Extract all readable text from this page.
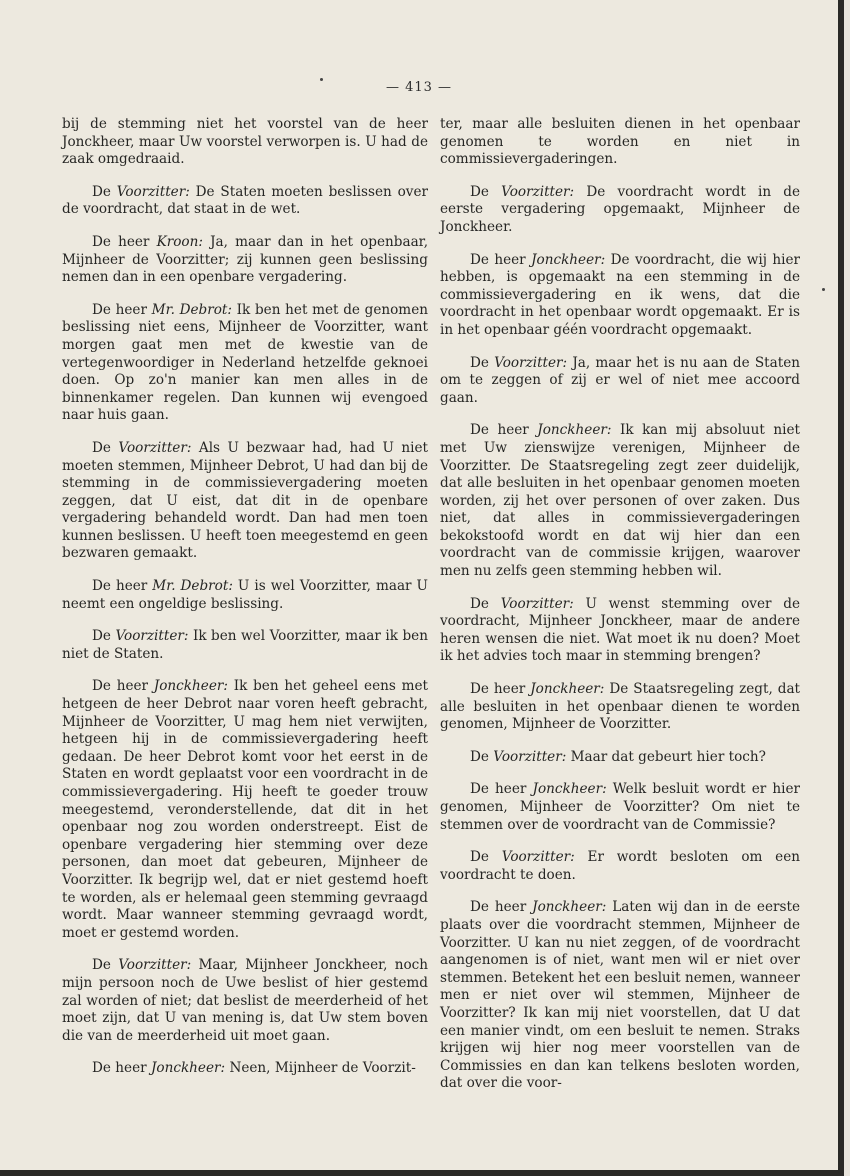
— 413 —

bij de stemming niet het voorstel van de heer Jonckheer, maar Uw voorstel verworpen is. U had de zaak omgedraaid.

De Voorzitter: De Staten moeten beslissen over de voordracht, dat staat in de wet.

De heer Kroon: Ja, maar dan in het openbaar, Mijnheer de Voorzitter; zij kunnen geen beslissing nemen dan in een openbare vergadering.

De heer Mr. Debrot: Ik ben het met de genomen beslissing niet eens, Mijnheer de Voorzitter, want morgen gaat men met de kwestie van de vertegenwoordiger in Nederland hetzelfde geknoei doen. Op zo'n manier kan men alles in de binnenkamer regelen. Dan kunnen wij evengoed naar huis gaan.

De Voorzitter: Als U bezwaar had, had U niet moeten stemmen, Mijnheer Debrot, U had dan bij de stemming in de commissievergadering moeten zeggen, dat U eist, dat dit in de openbare vergadering behandeld wordt. Dan had men toen kunnen beslissen. U heeft toen meegestemd en geen bezwaren gemaakt.

De heer Mr. Debrot: U is wel Voorzitter, maar U neemt een ongeldige beslissing.

De Voorzitter: Ik ben wel Voorzitter, maar ik ben niet de Staten.

De heer Jonckheer: Ik ben het geheel eens met hetgeen de heer Debrot naar voren heeft gebracht, Mijnheer de Voorzitter, U mag hem niet verwijten, hetgeen hij in de commissievergadering heeft gedaan. De heer Debrot komt voor het eerst in de Staten en wordt geplaatst voor een voordracht in de commissievergadering. Hij heeft te goeder trouw meegestemd, veronderstellende, dat dit in het openbaar nog zou worden onderstreept. Eist de openbare vergadering hier stemming over deze personen, dan moet dat gebeuren, Mijnheer de Voorzitter. Ik begrijp wel, dat er niet gestemd hoeft te worden, als er helemaal geen stemming gevraagd wordt. Maar wanneer stemming gevraagd wordt, moet er gestemd worden.

De Voorzitter: Maar, Mijnheer Jonckheer, noch mijn persoon noch de Uwe beslist of hier gestemd zal worden of niet; dat beslist de meerderheid of het moet zijn, dat U van mening is, dat Uw stem boven die van de meerderheid uit moet gaan.

De heer Jonckheer: Neen, Mijnheer de Voorzit-

ter, maar alle besluiten dienen in het openbaar genomen te worden en niet in commissievergaderingen.

De Voorzitter: De voordracht wordt in de eerste vergadering opgemaakt, Mijnheer de Jonckheer.

De heer Jonckheer: De voordracht, die wij hier hebben, is opgemaakt na een stemming in de commissievergadering en ik wens, dat die voordracht in het openbaar wordt opgemaakt. Er is in het openbaar géén voordracht opgemaakt.

De Voorzitter: Ja, maar het is nu aan de Staten om te zeggen of zij er wel of niet mee accoord gaan.

De heer Jonckheer: Ik kan mij absoluut niet met Uw zienswijze verenigen, Mijnheer de Voorzitter. De Staatsregeling zegt zeer duidelijk, dat alle besluiten in het openbaar genomen moeten worden, zij het over personen of over zaken. Dus niet, dat alles in commissievergaderingen bekokstoofd wordt en dat wij hier dan een voordracht van de commissie krijgen, waarover men nu zelfs geen stemming hebben wil.

De Voorzitter: U wenst stemming over de voordracht, Mijnheer Jonckheer, maar de andere heren wensen die niet. Wat moet ik nu doen? Moet ik het advies toch maar in stemming brengen?

De heer Jonckheer: De Staatsregeling zegt, dat alle besluiten in het openbaar dienen te worden genomen, Mijnheer de Voorzitter.

De Voorzitter: Maar dat gebeurt hier toch?

De heer Jonckheer: Welk besluit wordt er hier genomen, Mijnheer de Voorzitter? Om niet te stemmen over de voordracht van de Commissie?

De Voorzitter: Er wordt besloten om een voordracht te doen.

De heer Jonckheer: Laten wij dan in de eerste plaats over die voordracht stemmen, Mijnheer de Voorzitter. U kan nu niet zeggen, of de voordracht aangenomen is of niet, want men wil er niet over stemmen. Betekent het een besluit nemen, wanneer men er niet over wil stemmen, Mijnheer de Voorzitter? Ik kan mij niet voorstellen, dat U dat een manier vindt, om een besluit te nemen. Straks krijgen wij hier nog meer voorstellen van de Commissies en dan kan telkens besloten worden, dat over die voor-
